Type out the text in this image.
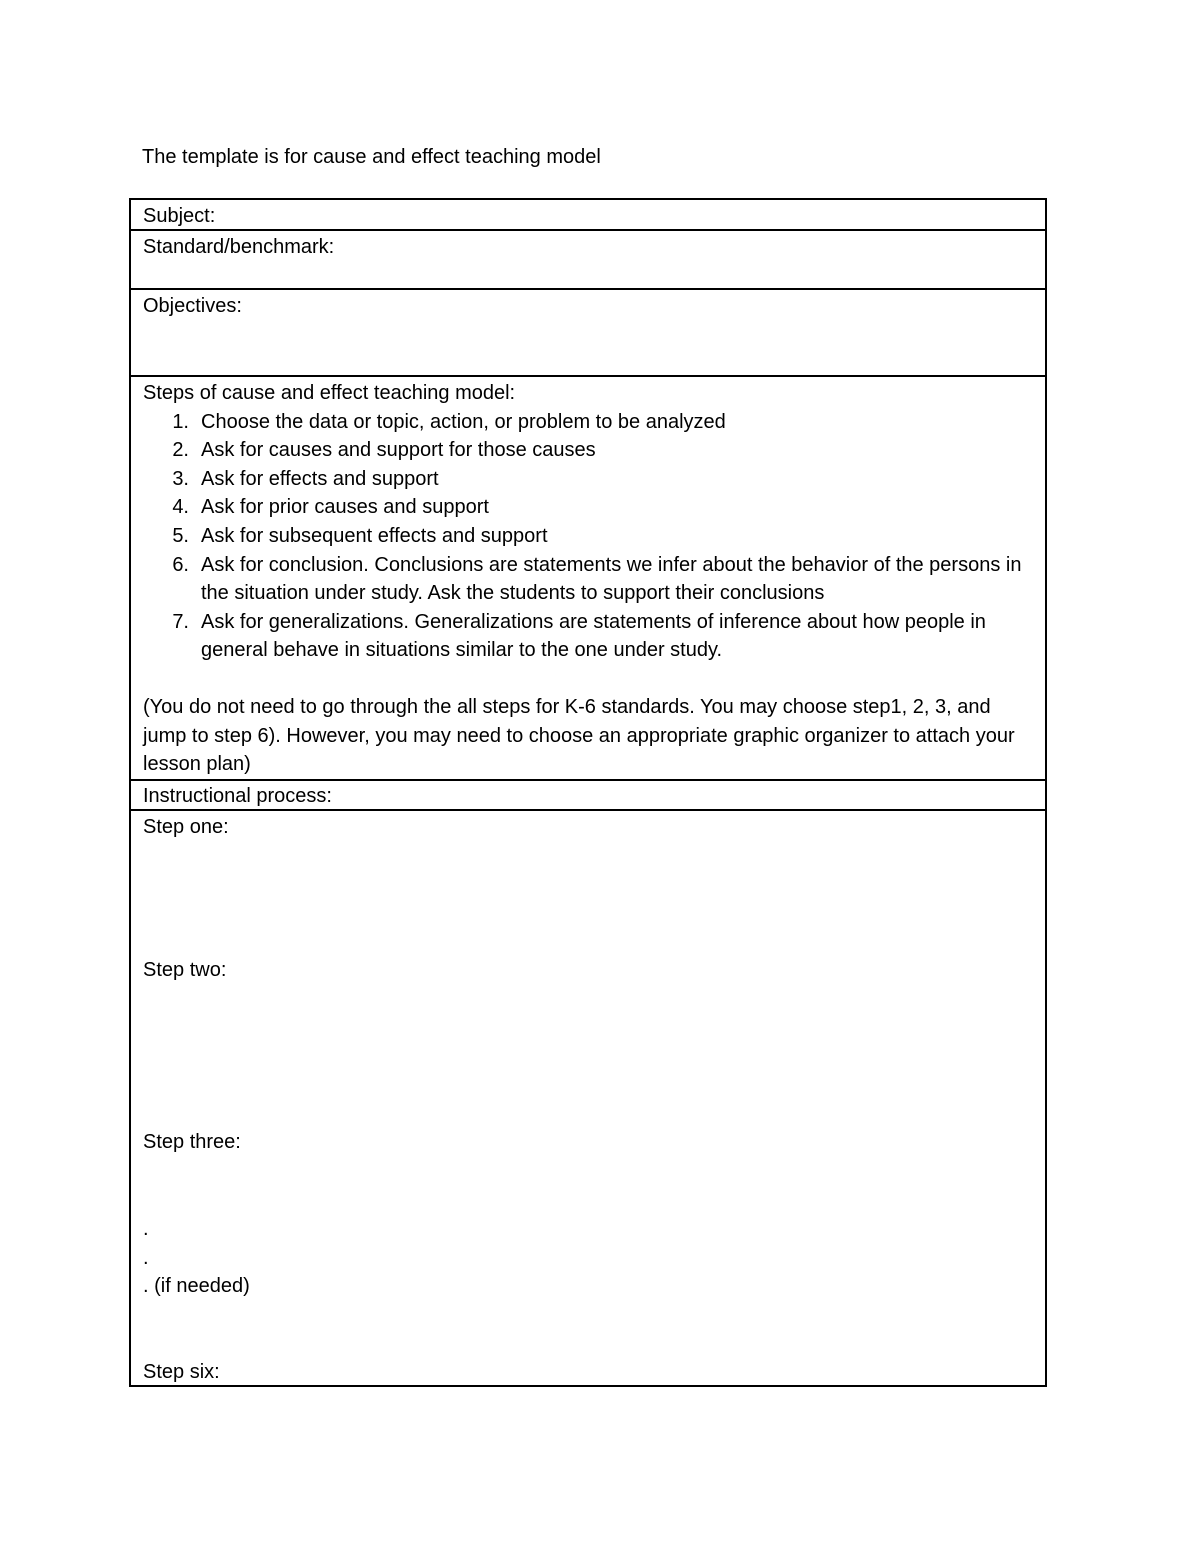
The template is for cause and effect teaching model
Subject:
Standard/benchmark:
Objectives:
Steps of cause and effect teaching model:
1. Choose the data or topic, action, or problem to be analyzed
2. Ask for causes and support for those causes
3. Ask for effects and support
4. Ask for prior causes and support
5. Ask for subsequent effects and support
6. Ask for conclusion. Conclusions are statements we infer about the behavior of the persons in the situation under study. Ask the students to support their conclusions
7. Ask for generalizations. Generalizations are statements of inference about how people in general behave in situations similar to the one under study.
(You do not need to go through the all steps for K-6 standards. You may choose step1, 2, 3, and jump to step 6). However, you may need to choose an appropriate graphic organizer to attach your lesson plan)
Instructional process:
Step one:
Step two:
Step three:
.
.
. (if needed)
Step six:
